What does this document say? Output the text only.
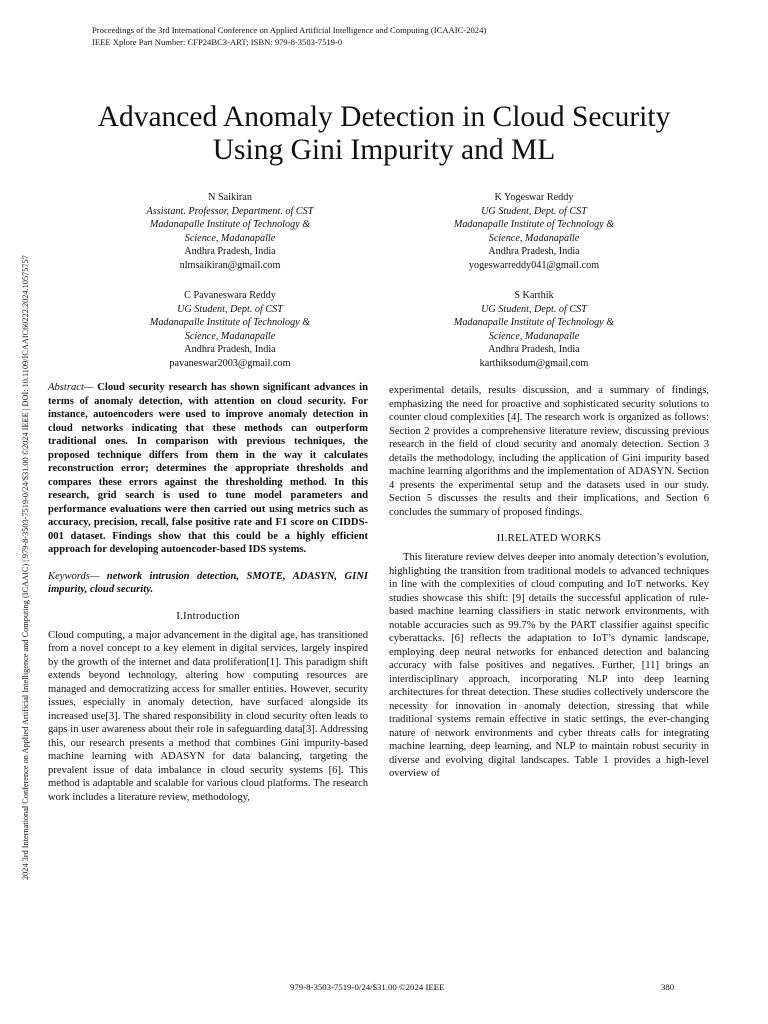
Proceedings of the 3rd International Conference on Applied Artificial Intelligence and Computing (ICAAIC-2024)
IEEE Xplore Part Number: CFP24BC3-ART; ISBN: 979-8-3503-7519-0
2024 3rd International Conference on Applied Artificial Intelligence and Computing (ICAAIC) | 979-8-3503-7519-0/24/$31.00 ©2024 IEEE | DOI: 10.1109/ICAAIC60222.2024.10575757
Advanced Anomaly Detection in Cloud Security
Using Gini Impurity and ML
N Saikiran
Assistant. Professor, Department. of CST
Madanapalle Institute of Technology &
Science, Madanapalle
Andhra Pradesh, India
nlmsaikiran@gmail.com
K Yogeswar Reddy
UG Student, Dept. of CST
Madanapalle Institute of Technology &
Science, Madanapalle
Andhra Pradesh, India
yogeswarreddy041@gmail.com
C Pavaneswara Reddy
UG Student, Dept. of CST
Madanapalle Institute of Technology &
Science, Madanapalle
Andhra Pradesh, India
pavaneswar2003@gmail.com
S Karthik
UG Student, Dept. of CST
Madanapalle Institute of Technology &
Science, Madanapalle
Andhra Pradesh, India
karthiksodum@gmail.com

Abstract— Cloud security research has shown significant advances in terms of anomaly detection, with attention on cloud security. For instance, autoencoders were used to improve anomaly detection in cloud networks indicating that these methods can outperform traditional ones. In comparison with previous techniques, the proposed technique differs from them in the way it calculates reconstruction error; determines the appropriate thresholds and compares these errors against the thresholding method. In this research, grid search is used to tune model parameters and performance evaluations were then carried out using metrics such as accuracy, precision, recall, false positive rate and F1 score on CIDDS-001 dataset. Findings show that this could be a highly efficient approach for developing autoencoder-based IDS systems.

Keywords— network intrusion detection, SMOTE, ADASYN, GINI impurity, cloud security.

I.Introduction

Cloud computing, a major advancement in the digital age, has transitioned from a novel concept to a key element in digital services, largely inspired by the growth of the internet and data proliferation[1]. This paradigm shift extends beyond technology, altering how computing resources are managed and democratizing access for smaller entities. However, security issues, especially in anomaly detection, have surfaced alongside its increased use[3]. The shared responsibility in cloud security often leads to gaps in user awareness about their role in safeguarding data[3]. Addressing this, our research presents a method that combines Gini impurity-based machine learning with ADASYN for data balancing, targeting the prevalent issue of data imbalance in cloud security systems [6]. This method is adaptable and scalable for various cloud platforms. The research work includes a literature review, methodology,

experimental details, results discussion, and a summary of findings, emphasizing the need for proactive and sophisticated security solutions to counter cloud complexities [4]. The research work is organized as follows: Section 2 provides a comprehensive literature review, discussing previous research in the field of cloud security and anomaly detection. Section 3 details the methodology, including the application of Gini impurity based machine learning algorithms and the implementation of ADASYN. Section 4 presents the experimental setup and the datasets used in our study. Section 5 discusses the results and their implications, and Section 6 concludes the summary of proposed findings.

II.RELATED WORKS

This literature review delves deeper into anomaly detection’s evolution, highlighting the transition from traditional models to advanced techniques in line with the complexities of cloud computing and IoT networks. Key studies showcase this shift: [9] details the successful application of rule-based machine learning classifiers in static network environments, with notable accuracies such as 99.7% by the PART classifier against specific cyberattacks. [6] reflects the adaptation to IoT’s dynamic landscape, employing deep neural networks for enhanced detection and balancing accuracy with false positives and negatives. Further, [11] brings an interdisciplinary approach, incorporating NLP into deep learning architectures for threat detection. These studies collectively underscore the necessity for innovation in anomaly detection, stressing that while traditional systems remain effective in static settings, the ever-changing nature of network environments and cyber threats calls for integrating machine learning, deep learning, and NLP to maintain robust security in diverse and evolving digital landscapes. Table 1 provides a high-level overview of

979-8-3503-7519-0/24/$31.00 ©2024 IEEE	380
